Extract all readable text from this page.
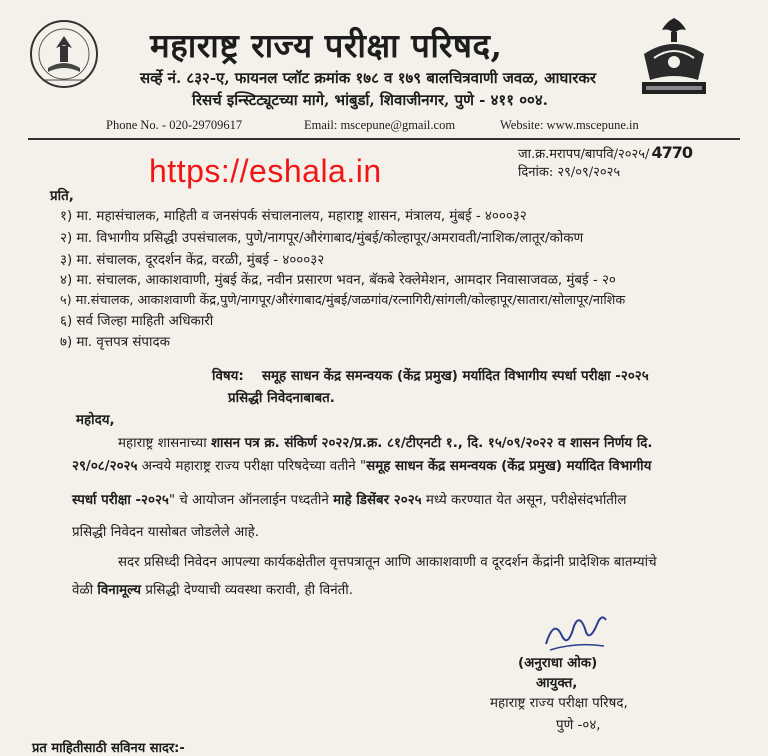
महाराष्ट्र राज्य परीक्षा परिषद,
सर्व्हे नं. ८३२-ए, फायनल प्लॉट क्रमांक १७८ व १७९ बालचित्रवाणी जवळ, आघारकर
रिसर्च इन्स्टिट्यूटच्या मागे, भांबुर्डा, शिवाजीनगर, पुणे - ४११ ००४.
Phone No. - 020-29709617	Email: mscepune@gmail.com	Website: www.mscepune.in
जा.क्र.मरापप/बापवि/२०२५/ 4770
दिनांक: २९/०९/२०२५
https://eshala.in
प्रति,
१) मा. महासंचालक, माहिती व जनसंपर्क संचालनालय, महाराष्ट्र शासन, मंत्रालय, मुंबई - ४०००३२
२) मा. विभागीय प्रसिद्धी उपसंचालक, पुणे/नागपूर/औरंगाबाद/मुंबई/कोल्हापूर/अमरावती/नाशिक/लातूर/कोकण
३) मा. संचालक, दूरदर्शन केंद्र, वरळी, मुंबई - ४०००३२
४) मा. संचालक, आकाशवाणी, मुंबई केंद्र, नवीन प्रसारण भवन, बॅकबे रेक्लेमेशन, आमदार निवासाजवळ, मुंबई - २०
५) मा.संचालक, आकाशवाणी केंद्र,पुणे/नागपूर/औरंगाबाद/मुंबई/जळगांव/रत्नागिरी/सांगली/कोल्हापूर/सातारा/सोलापूर/नाशिक
६) सर्व जिल्हा माहिती अधिकारी
७) मा. वृत्तपत्र संपादक
विषय: समूह साधन केंद्र समन्वयक (केंद्र प्रमुख) मर्यादित विभागीय स्पर्धा परीक्षा -२०२५
प्रसिद्धी निवेदनाबाबत.
महोदय,
महाराष्ट्र शासनाच्या शासन पत्र क्र. संकिर्ण २०२२/प्र.क्र. ८१/टीएनटी १., दि. १५/०९/२०२२ व शासन निर्णय दि.
२९/०८/२०२५ अन्वये महाराष्ट्र राज्य परीक्षा परिषदेच्या वतीने "समूह साधन केंद्र समन्वयक (केंद्र प्रमुख) मर्यादित विभागीय
स्पर्धा परीक्षा -२०२५" चे आयोजन ऑनलाईन पध्दतीने माहे डिसेंबर २०२५ मध्ये करण्यात येत असून, परीक्षेसंदर्भातील
प्रसिद्धी निवेदन यासोबत जोडलेले आहे.
सदर प्रसिध्दी निवेदन आपल्या कार्यकक्षेतील वृत्तपत्रातून आणि आकाशवाणी व दूरदर्शन केंद्रांनी प्रादेशिक बातम्यांचे
वेळी विनामूल्य प्रसिद्धी देण्याची व्यवस्था करावी, ही विनंती.
(अनुराधा ओक)
आयुक्त,
महाराष्ट्र राज्य परीक्षा परिषद,
पुणे -०४,
प्रत माहितीसाठी सविनय सादर:-
